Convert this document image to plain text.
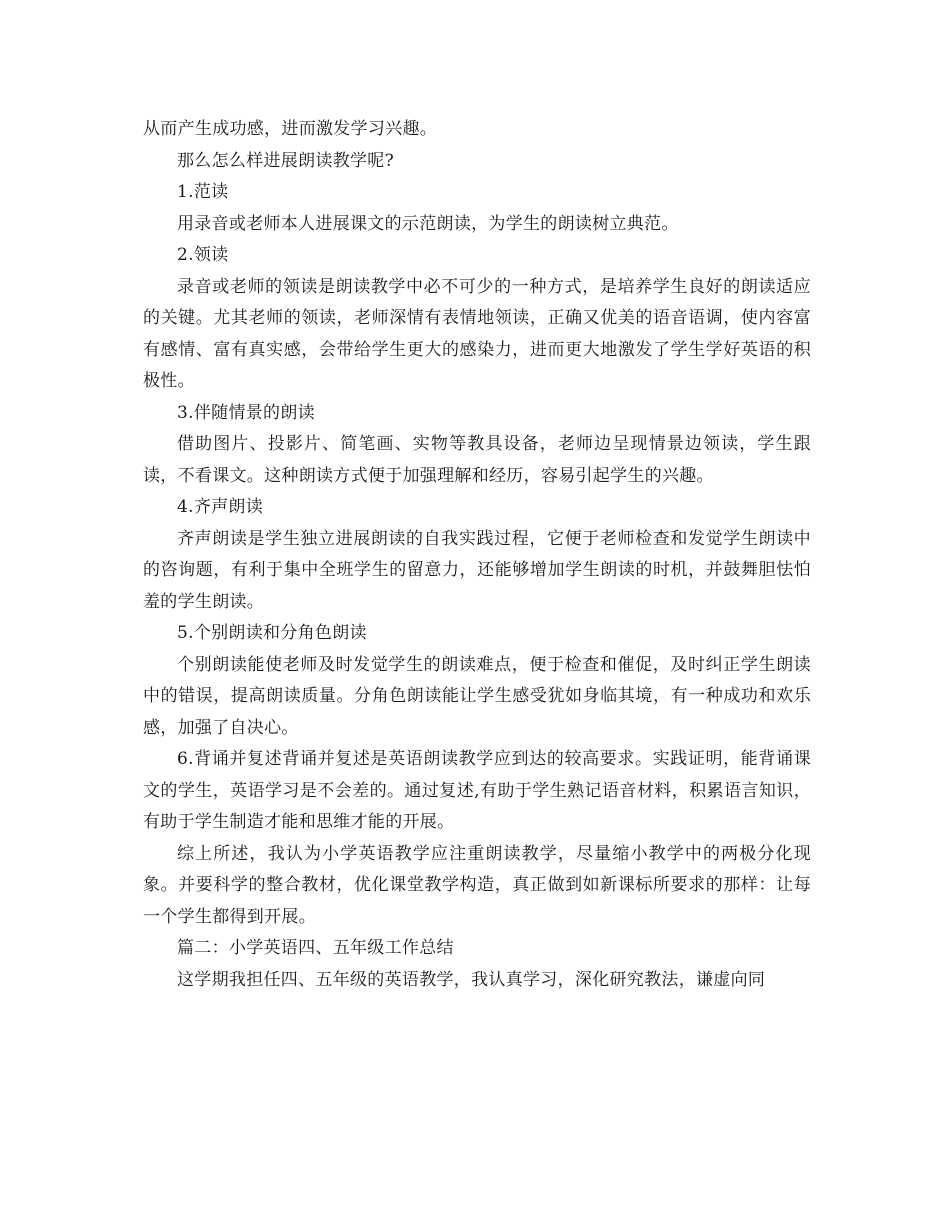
从而产生成功感，进而激发学习兴趣。

那么怎么样进展朗读教学呢?

1.范读

用录音或老师本人进展课文的示范朗读，为学生的朗读树立典范。

2.领读

录音或老师的领读是朗读教学中必不可少的一种方式，是培养学生良好的朗读适应的关键。尤其老师的领读，老师深情有表情地领读，正确又优美的语音语调，使内容富有感情、富有真实感，会带给学生更大的感染力，进而更大地激发了学生学好英语的积极性。

3.伴随情景的朗读

借助图片、投影片、简笔画、实物等教具设备，老师边呈现情景边领读，学生跟读，不看课文。这种朗读方式便于加强理解和经历，容易引起学生的兴趣。

4.齐声朗读

齐声朗读是学生独立进展朗读的自我实践过程，它便于老师检查和发觉学生朗读中的咨询题，有利于集中全班学生的留意力，还能够增加学生朗读的时机，并鼓舞胆怯怕羞的学生朗读。

5.个别朗读和分角色朗读

个别朗读能使老师及时发觉学生的朗读难点，便于检查和催促，及时纠正学生朗读中的错误，提高朗读质量。分角色朗读能让学生感受犹如身临其境，有一种成功和欢乐感，加强了自决心。

6.背诵并复述背诵并复述是英语朗读教学应到达的较高要求。实践证明，能背诵课文的学生，英语学习是不会差的。通过复述,有助于学生熟记语音材料，积累语言知识，有助于学生制造才能和思维才能的开展。

综上所述，我认为小学英语教学应注重朗读教学，尽量缩小教学中的两极分化现象。并要科学的整合教材，优化课堂教学构造，真正做到如新课标所要求的那样：让每一个学生都得到开展。

篇二：小学英语四、五年级工作总结

这学期我担任四、五年级的英语教学，我认真学习，深化研究教法，谦虚向同
